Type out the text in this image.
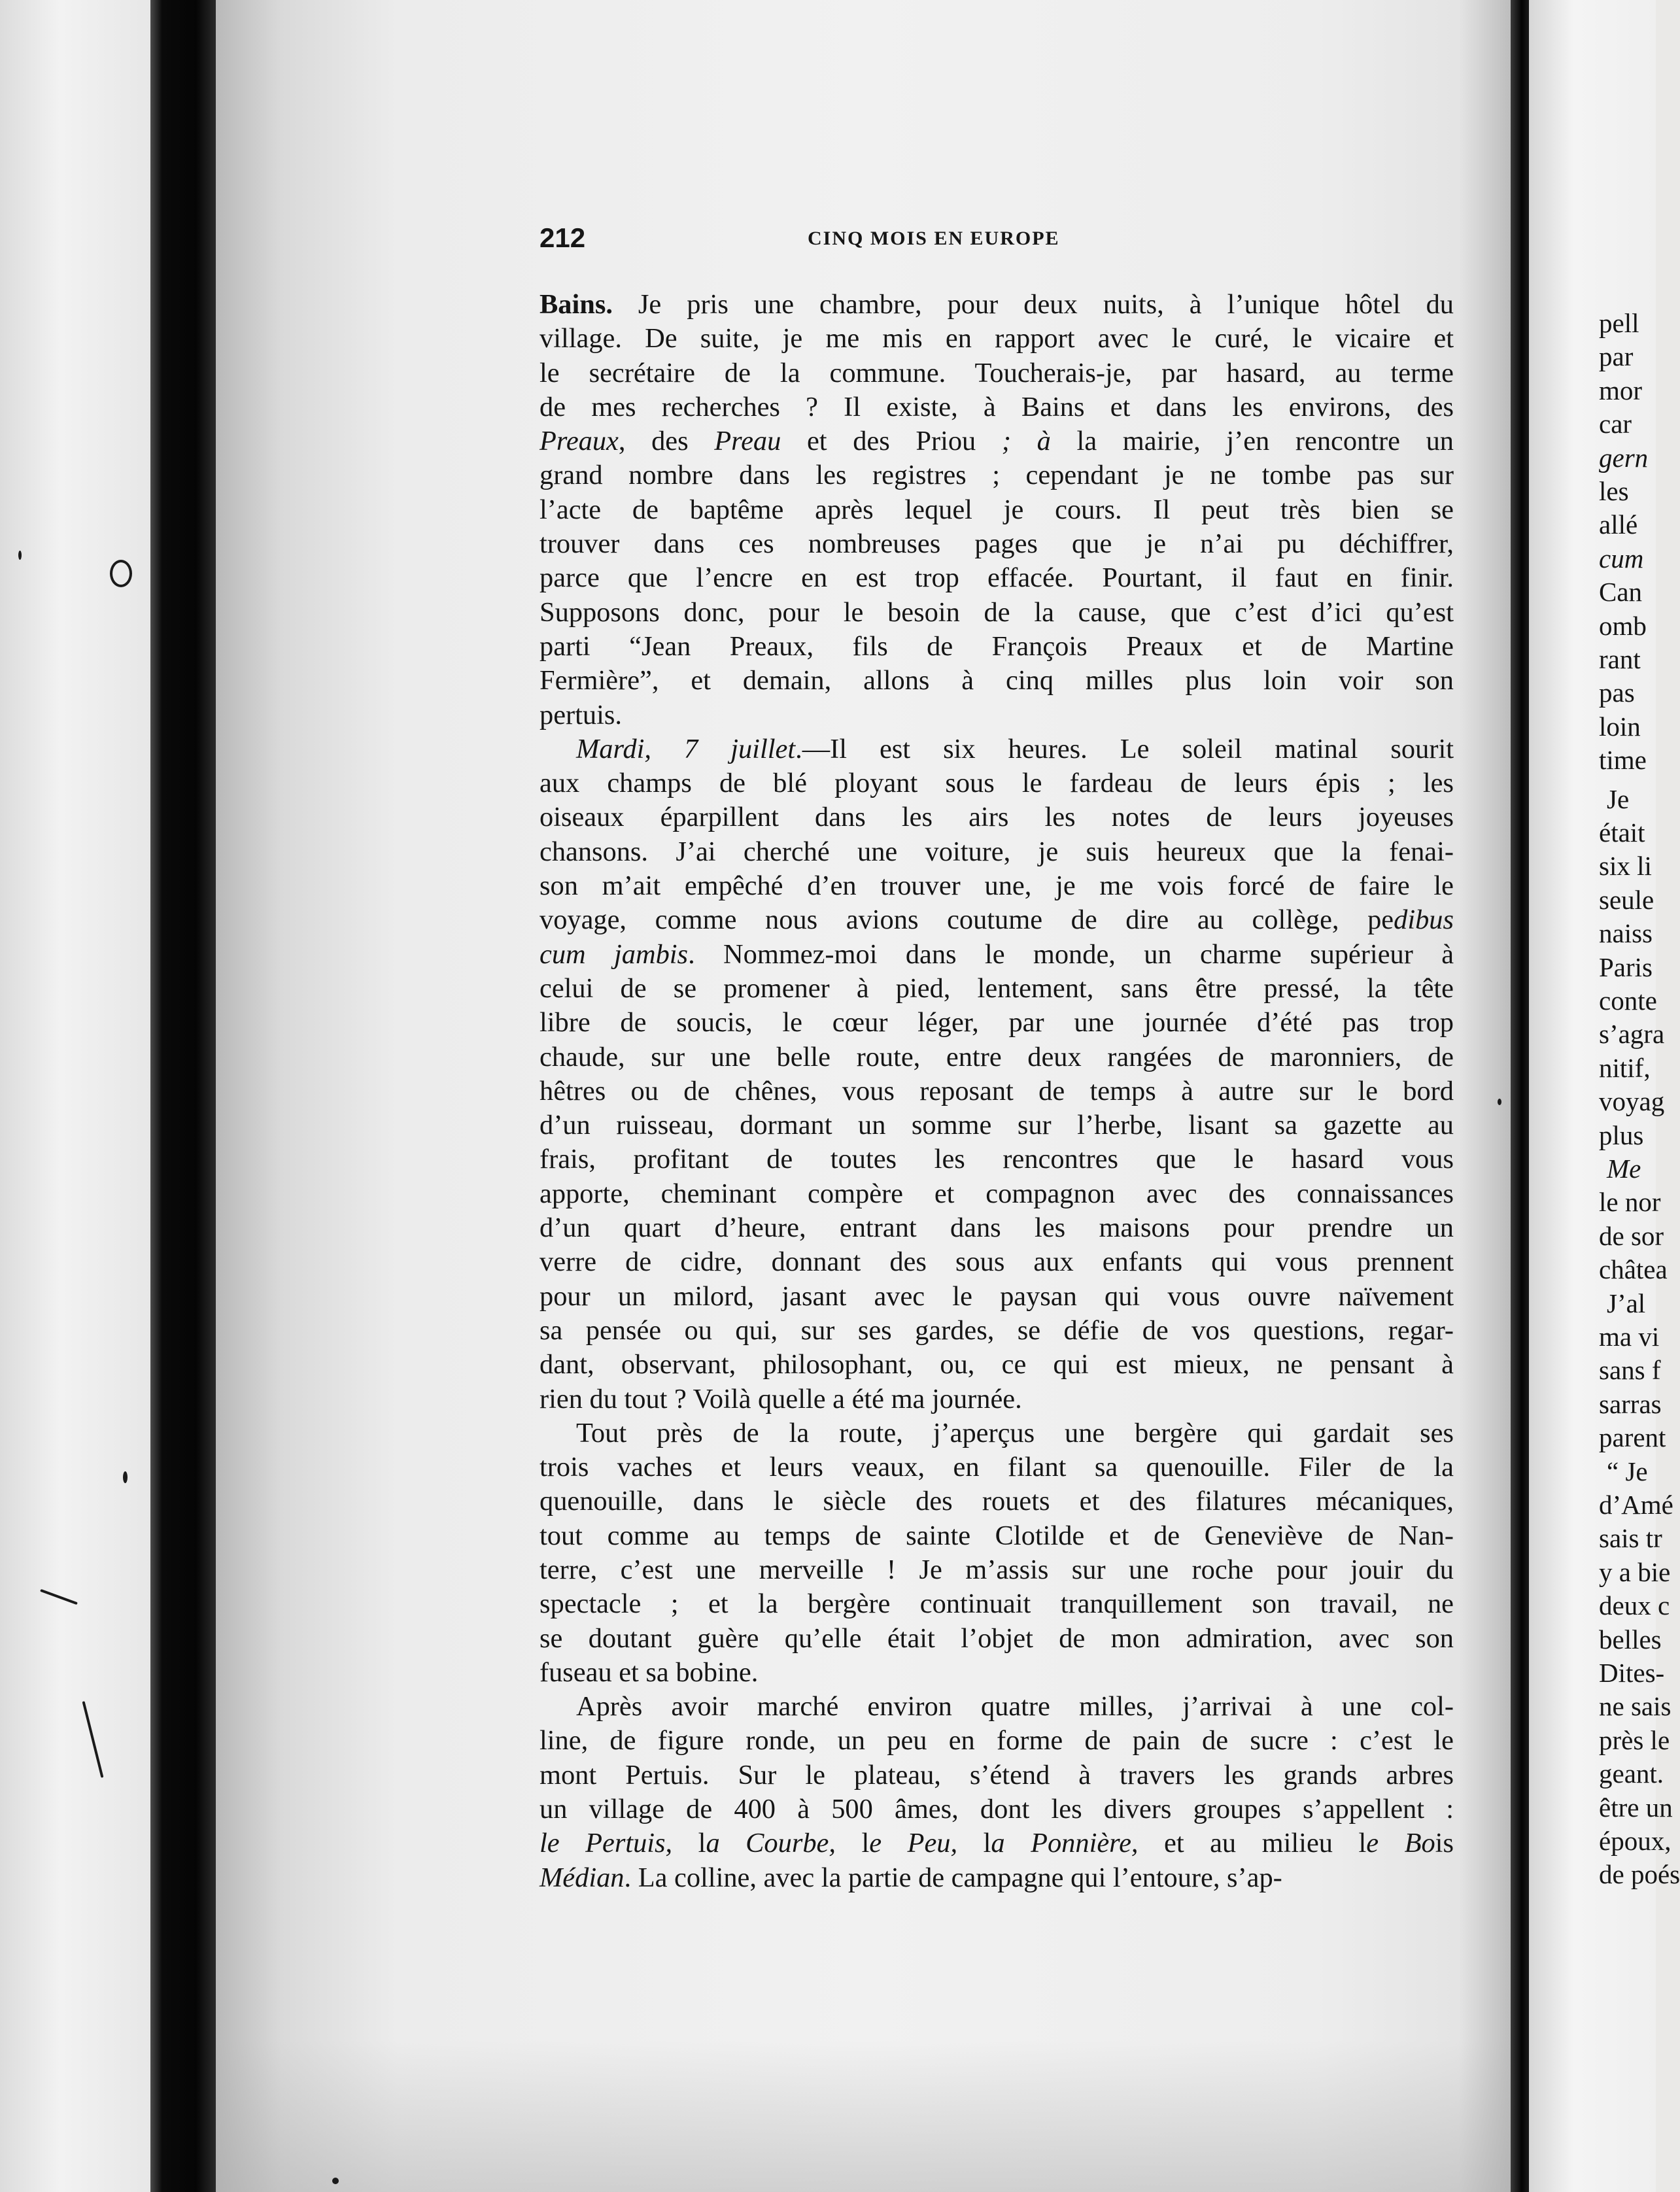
212	CINQ MOIS EN EUROPE
Bains. Je pris une chambre, pour deux nuits, à l’unique hôtel du
village. De suite, je me mis en rapport avec le curé, le vicaire et
le secrétaire de la commune. Toucherais-je, par hasard, au terme
de mes recherches ? Il existe, à Bains et dans les environs, des
Preaux, des Preau et des Priou ; à la mairie, j’en rencontre un
grand nombre dans les registres ; cependant je ne tombe pas sur
l’acte de baptême après lequel je cours. Il peut très bien se
trouver dans ces nombreuses pages que je n’ai pu déchiffrer,
parce que l’encre en est trop effacée. Pourtant, il faut en finir.
Supposons donc, pour le besoin de la cause, que c’est d’ici qu’est
parti “Jean Preaux, fils de François Preaux et de Martine
Fermière”, et demain, allons à cinq milles plus loin voir son
pertuis.
Mardi, 7 juillet.—Il est six heures. Le soleil matinal sourit
aux champs de blé ployant sous le fardeau de leurs épis ; les
oiseaux éparpillent dans les airs les notes de leurs joyeuses
chansons. J’ai cherché une voiture, je suis heureux que la fenai-
son m’ait empêché d’en trouver une, je me vois forcé de faire le
voyage, comme nous avions coutume de dire au collège, pedibus
cum jambis. Nommez-moi dans le monde, un charme supérieur à
celui de se promener à pied, lentement, sans être pressé, la tête
libre de soucis, le cœur léger, par une journée d’été pas trop
chaude, sur une belle route, entre deux rangées de maronniers, de
hêtres ou de chênes, vous reposant de temps à autre sur le bord
d’un ruisseau, dormant un somme sur l’herbe, lisant sa gazette au
frais, profitant de toutes les rencontres que le hasard vous
apporte, cheminant compère et compagnon avec des connaissances
d’un quart d’heure, entrant dans les maisons pour prendre un
verre de cidre, donnant des sous aux enfants qui vous prennent
pour un milord, jasant avec le paysan qui vous ouvre naïvement
sa pensée ou qui, sur ses gardes, se défie de vos questions, regar-
dant, observant, philosophant, ou, ce qui est mieux, ne pensant à
rien du tout ? Voilà quelle a été ma journée.
Tout près de la route, j’aperçus une bergère qui gardait ses
trois vaches et leurs veaux, en filant sa quenouille. Filer de la
quenouille, dans le siècle des rouets et des filatures mécaniques,
tout comme au temps de sainte Clotilde et de Geneviève de Nan-
terre, c’est une merveille ! Je m’assis sur une roche pour jouir du
spectacle ; et la bergère continuait tranquillement son travail, ne
se doutant guère qu’elle était l’objet de mon admiration, avec son
fuseau et sa bobine.
Après avoir marché environ quatre milles, j’arrivai à une col-
line, de figure ronde, un peu en forme de pain de sucre : c’est le
mont Pertuis. Sur le plateau, s’étend à travers les grands arbres
un village de 400 à 500 âmes, dont les divers groupes s’appellent :
le Pertuis, la Courbe, le Peu, la Ponnière, et au milieu le Bois
Médian. La colline, avec la partie de campagne qui l’entoure, s’ap-
pell
par
mor
car
gern
les
allé
cum
Can
omb
rant
pas
loin
time
Je
était
six li
seule
naiss
Paris
conte
s’agra
nitif,
voyag
plus
Me
le nor
de sor
châtea
J’al
ma vi
sans f
sarras
parent
“ Je
d’Amé
sais tr
y a bie
deux c
belles
Dites-
ne sais
près le
geant.
être un
époux,
de poés
